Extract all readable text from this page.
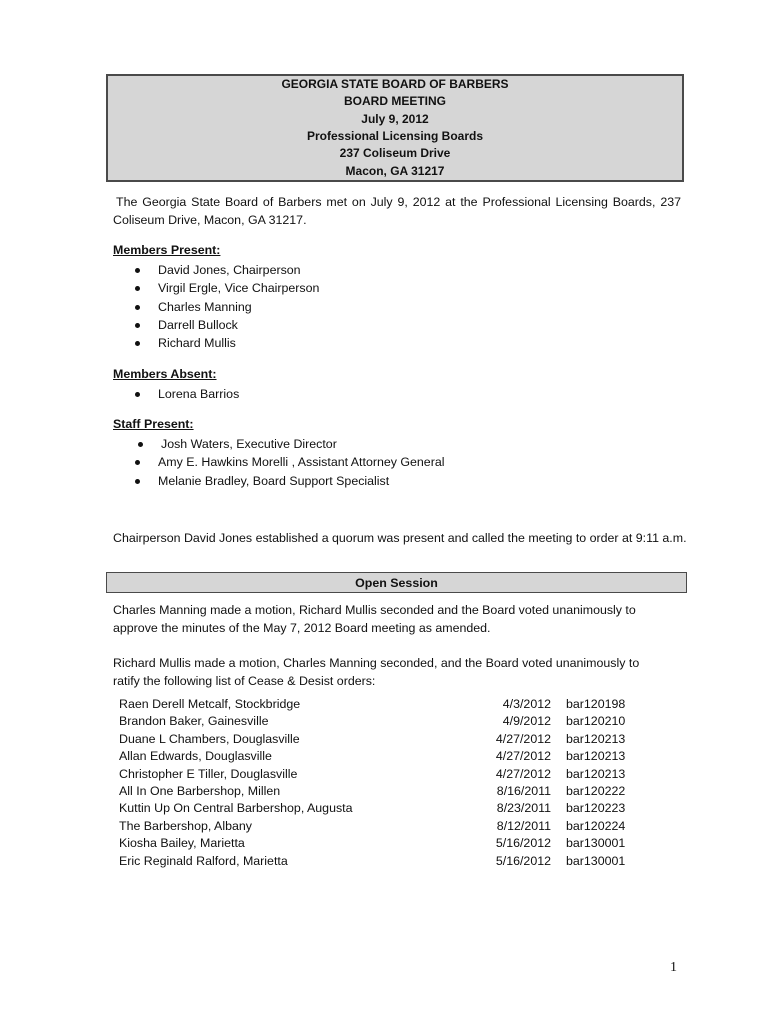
GEORGIA STATE BOARD OF BARBERS
BOARD MEETING
July 9, 2012
Professional Licensing Boards
237 Coliseum Drive
Macon, GA 31217
The Georgia State Board of Barbers met on July 9, 2012 at the Professional Licensing Boards, 237 Coliseum Drive, Macon, GA 31217.
Members Present:
David Jones, Chairperson
Virgil Ergle, Vice Chairperson
Charles Manning
Darrell Bullock
Richard Mullis
Members Absent:
Lorena Barrios
Staff Present:
Josh Waters, Executive Director
Amy E. Hawkins Morelli , Assistant Attorney General
Melanie Bradley, Board Support Specialist
Chairperson David Jones established a quorum was present and called the meeting to order at 9:11 a.m.
Open Session
Charles Manning made a motion, Richard Mullis seconded and the Board voted unanimously to approve the minutes of the May 7, 2012 Board meeting as amended.
Richard Mullis made a motion, Charles Manning seconded, and the Board voted unanimously to ratify the following list of Cease & Desist orders:
Raen Derell Metcalf, Stockbridge	4/3/2012 bar120198
Brandon Baker, Gainesville	4/9/2012 bar120210
Duane L Chambers, Douglasville	4/27/2012 bar120213
Allan Edwards, Douglasville	4/27/2012 bar120213
Christopher E Tiller, Douglasville	4/27/2012 bar120213
All In One Barbershop, Millen	8/16/2011 bar120222
Kuttin Up On Central Barbershop, Augusta	8/23/2011 bar120223
The Barbershop, Albany	8/12/2011 bar120224
Kiosha Bailey, Marietta	5/16/2012 bar130001
Eric Reginald Ralford, Marietta	5/16/2012 bar130001
1
